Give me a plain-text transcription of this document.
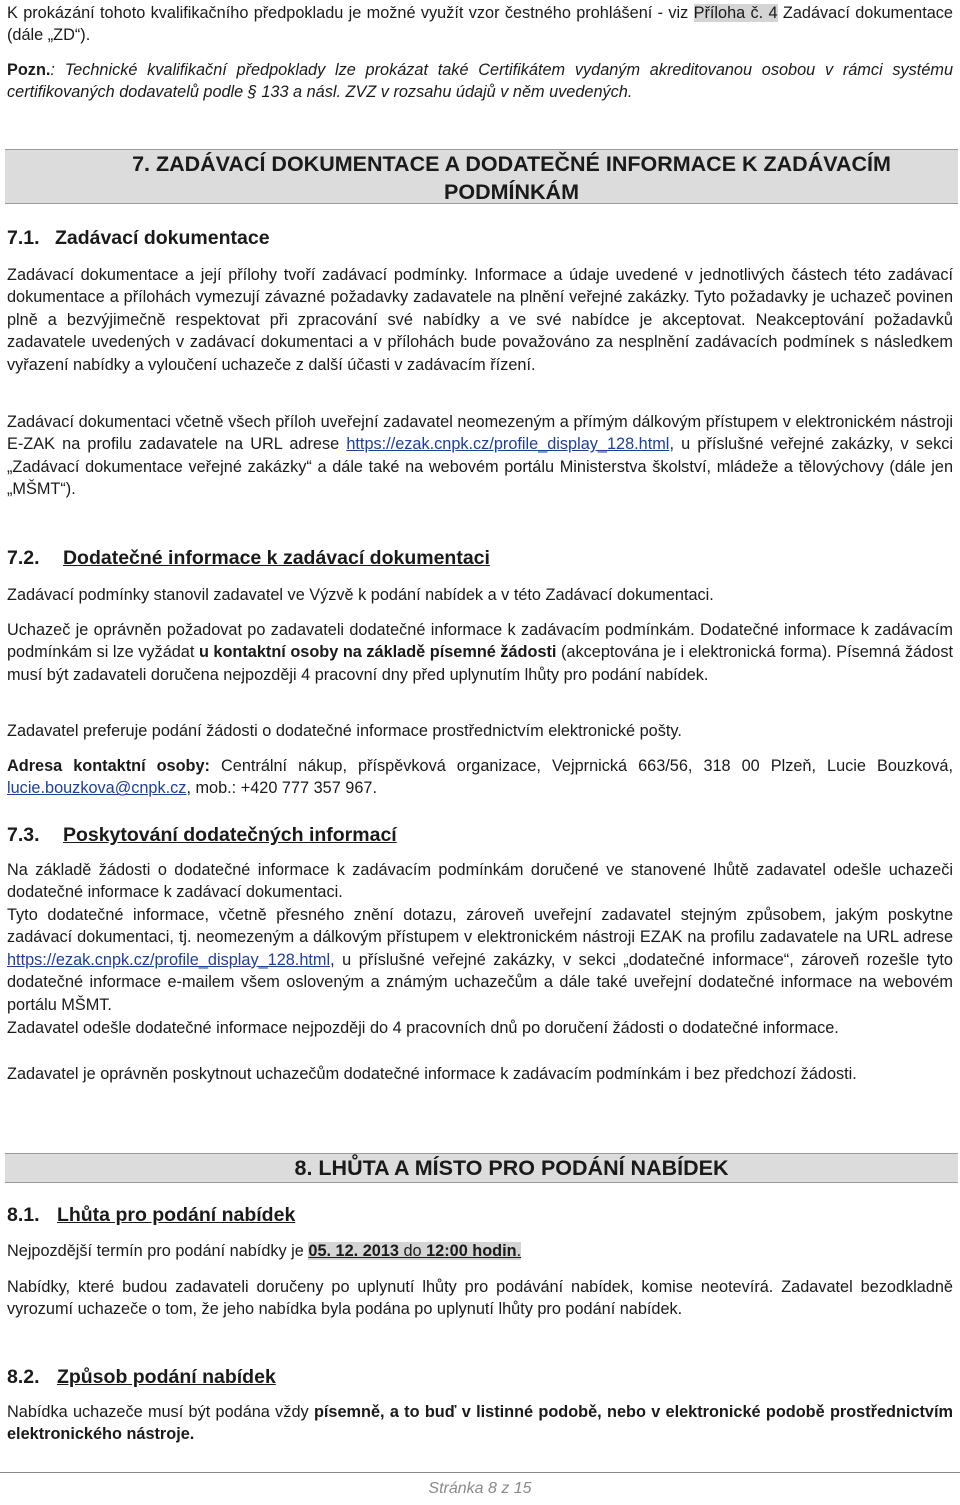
K prokázání tohoto kvalifikačního předpokladu je možné využít vzor čestného prohlášení - viz Příloha č. 4 Zadávací dokumentace (dále „ZD“).

Pozn.: Technické kvalifikační předpoklady lze prokázat také Certifikátem vydaným akreditovanou osobou v rámci systému certifikovaných dodavatelů podle § 133 a násl. ZVZ v rozsahu údajů v něm uvedených.

7. ZADÁVACÍ DOKUMENTACE A DODATEČNÉ INFORMACE K ZADÁVACÍM
PODMÍNKÁM
7.1. Zadávací dokumentace

Zadávací dokumentace a její přílohy tvoří zadávací podmínky. Informace a údaje uvedené v jednotlivých částech této zadávací dokumentace a přílohách vymezují závazné požadavky zadavatele na plnění veřejné zakázky. Tyto požadavky je uchazeč povinen plně a bezvýjimečně respektovat při zpracování své nabídky a ve své nabídce je akceptovat. Neakceptování požadavků zadavatele uvedených v zadávací dokumentaci a v přílohách bude považováno za nesplnění zadávacích podmínek s následkem vyřazení nabídky a vyloučení uchazeče z další účasti v zadávacím řízení.

Zadávací dokumentaci včetně všech příloh uveřejní zadavatel neomezeným a přímým dálkovým přístupem v elektronickém nástroji E-ZAK na profilu zadavatele na URL adrese https://ezak.cnpk.cz/profile_display_128.html, u příslušné veřejné zakázky, v sekci „Zadávací dokumentace veřejné zakázky“ a dále také na webovém portálu Ministerstva školství, mládeže a tělovýchovy (dále jen „MŠMT“).

7.2. Dodatečné informace k zadávací dokumentaci

Zadávací podmínky stanovil zadavatel ve Výzvě k podání nabídek a v této Zadávací dokumentaci.

Uchazeč je oprávněn požadovat po zadavateli dodatečné informace k zadávacím podmínkám. Dodatečné informace k zadávacím podmínkám si lze vyžádat u kontaktní osoby na základě písemné žádosti (akceptována je i elektronická forma). Písemná žádost musí být zadavateli doručena nejpozději 4 pracovní dny před uplynutím lhůty pro podání nabídek.

Zadavatel preferuje podání žádosti o dodatečné informace prostřednictvím elektronické pošty.

Adresa kontaktní osoby: Centrální nákup, příspěvková organizace, Vejprnická 663/56, 318 00 Plzeň, Lucie Bouzková, lucie.bouzkova@cnpk.cz, mob.: +420 777 357 967.

7.3. Poskytování dodatečných informací

Na základě žádosti o dodatečné informace k zadávacím podmínkám doručené ve stanovené lhůtě zadavatel odešle uchazeči dodatečné informace k zadávací dokumentaci.

Tyto dodatečné informace, včetně přesného znění dotazu, zároveň uveřejní zadavatel stejným způsobem, jakým poskytne zadávací dokumentaci, tj. neomezeným a dálkovým přístupem v elektronickém nástroji EZAK na profilu zadavatele na URL adrese https://ezak.cnpk.cz/profile_display_128.html, u příslušné veřejné zakázky, v sekci „dodatečné informace“, zároveň rozešle tyto dodatečné informace e-mailem všem osloveným a známým uchazečům a dále také uveřejní dodatečné informace na webovém portálu MŠMT.

Zadavatel odešle dodatečné informace nejpozději do 4 pracovních dnů po doručení žádosti o dodatečné informace.

Zadavatel je oprávněn poskytnout uchazečům dodatečné informace k zadávacím podmínkám i bez předchozí žádosti.

8. LHŮTA A MÍSTO PRO PODÁNÍ NABÍDEK
8.1. Lhůta pro podání nabídek

Nejpozdější termín pro podání nabídky je 05. 12. 2013 do 12:00 hodin.

Nabídky, které budou zadavateli doručeny po uplynutí lhůty pro podávání nabídek, komise neotevírá. Zadavatel bezodkladně vyrozumí uchazeče o tom, že jeho nabídka byla podána po uplynutí lhůty pro podání nabídek.

8.2. Způsob podání nabídek

Nabídka uchazeče musí být podána vždy písemně, a to buď v listinné podobě, nebo v elektronické podobě prostřednictvím elektronického nástroje.

Stránka 8 z 15
